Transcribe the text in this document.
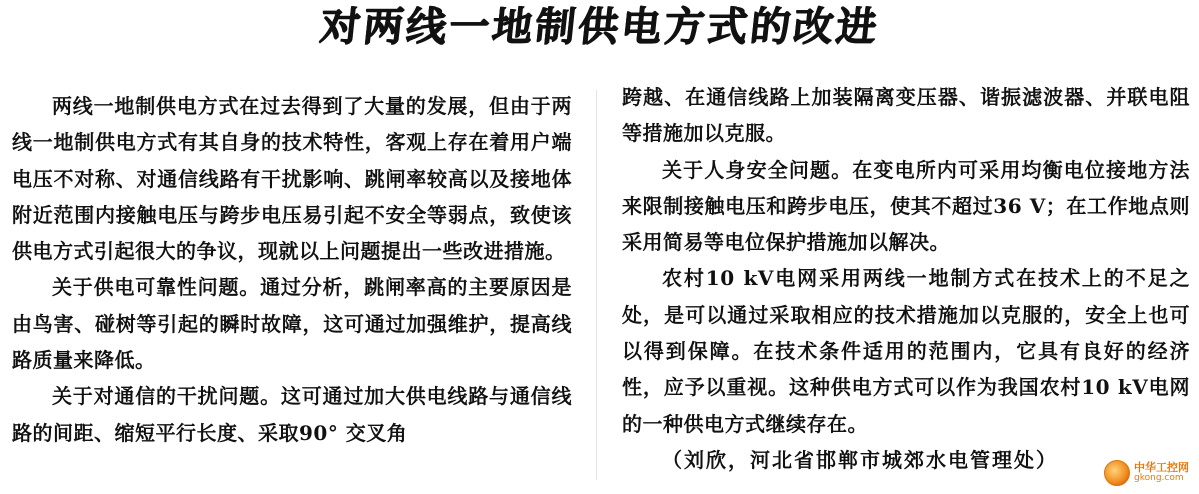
对两线一地制供电方式的改进

两线一地制供电方式在过去得到了大量的发展，但由于两线一地制供电方式有其自身的技术特性，客观上存在着用户端电压不对称、对通信线路有干扰影响、跳闸率较高以及接地体附近范围内接触电压与跨步电压易引起不安全等弱点，致使该供电方式引起很大的争议，现就以上问题提出一些改进措施。

关于供电可靠性问题。通过分析，跳闸率高的主要原因是由鸟害、碰树等引起的瞬时故障，这可通过加强维护，提高线路质量来降低。

关于对通信的干扰问题。这可通过加大供电线路与通信线路的间距、缩短平行长度、采取90° 交叉角

跨越、在通信线路上加装隔离变压器、谐振滤波器、并联电阻等措施加以克服。

关于人身安全问题。在变电所内可采用均衡电位接地方法来限制接触电压和跨步电压，使其不超过36 V；在工作地点则采用简易等电位保护措施加以解决。

农村10 kV电网采用两线一地制方式在技术上的不足之处，是可以通过采取相应的技术措施加以克服的，安全上也可以得到保障。在技术条件适用的范围内，它具有良好的经济性，应予以重视。这种供电方式可以作为我国农村10 kV电网的一种供电方式继续存在。

（刘欣，河北省邯郸市城郊水电管理处）	中华工控网
gkong.com
